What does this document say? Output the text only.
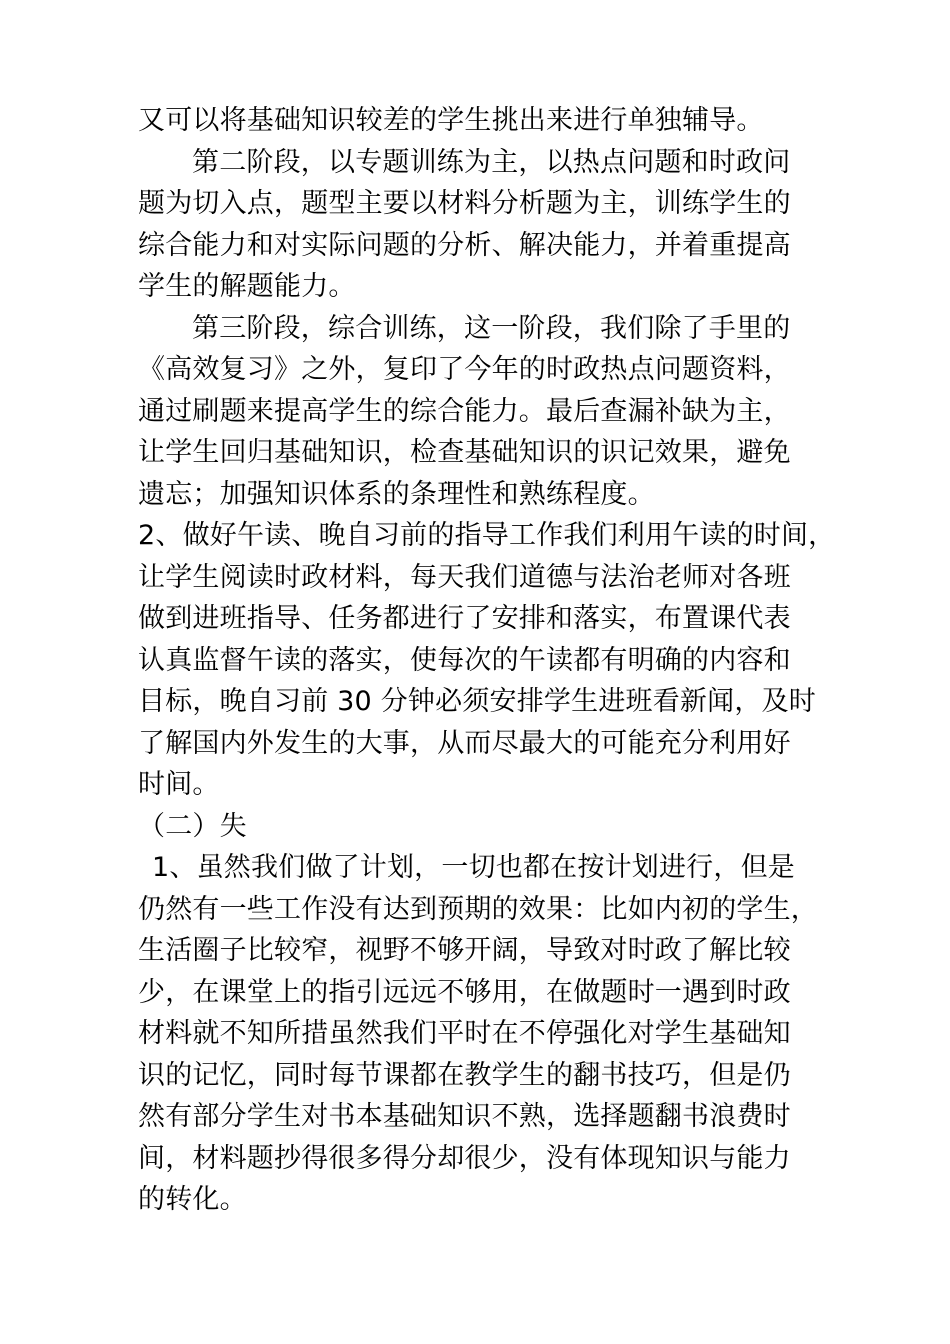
又可以将基础知识较差的学生挑出来进行单独辅导。
第二阶段，以专题训练为主，以热点问题和时政问
题为切入点，题型主要以材料分析题为主，训练学生的
综合能力和对实际问题的分析、解决能力，并着重提高
学生的解题能力。
第三阶段，综合训练，这一阶段，我们除了手里的
《高效复习》之外，复印了今年的时政热点问题资料，
通过刷题来提高学生的综合能力。最后查漏补缺为主，
让学生回归基础知识，检查基础知识的识记效果，避免
遗忘；加强知识体系的条理性和熟练程度。
2、做好午读、晚自习前的指导工作我们利用午读的时间，
让学生阅读时政材料，每天我们道德与法治老师对各班
做到进班指导、任务都进行了安排和落实，布置课代表
认真监督午读的落实，使每次的午读都有明确的内容和
目标，晚自习前 30 分钟必须安排学生进班看新闻，及时
了解国内外发生的大事，从而尽最大的可能充分利用好
时间。
（二）失
1、虽然我们做了计划，一切也都在按计划进行，但是
仍然有一些工作没有达到预期的效果：比如内初的学生，
生活圈子比较窄，视野不够开阔，导致对时政了解比较
少，在课堂上的指引远远不够用，在做题时一遇到时政
材料就不知所措虽然我们平时在不停强化对学生基础知
识的记忆，同时每节课都在教学生的翻书技巧，但是仍
然有部分学生对书本基础知识不熟，选择题翻书浪费时
间，材料题抄得很多得分却很少，没有体现知识与能力
的转化。
